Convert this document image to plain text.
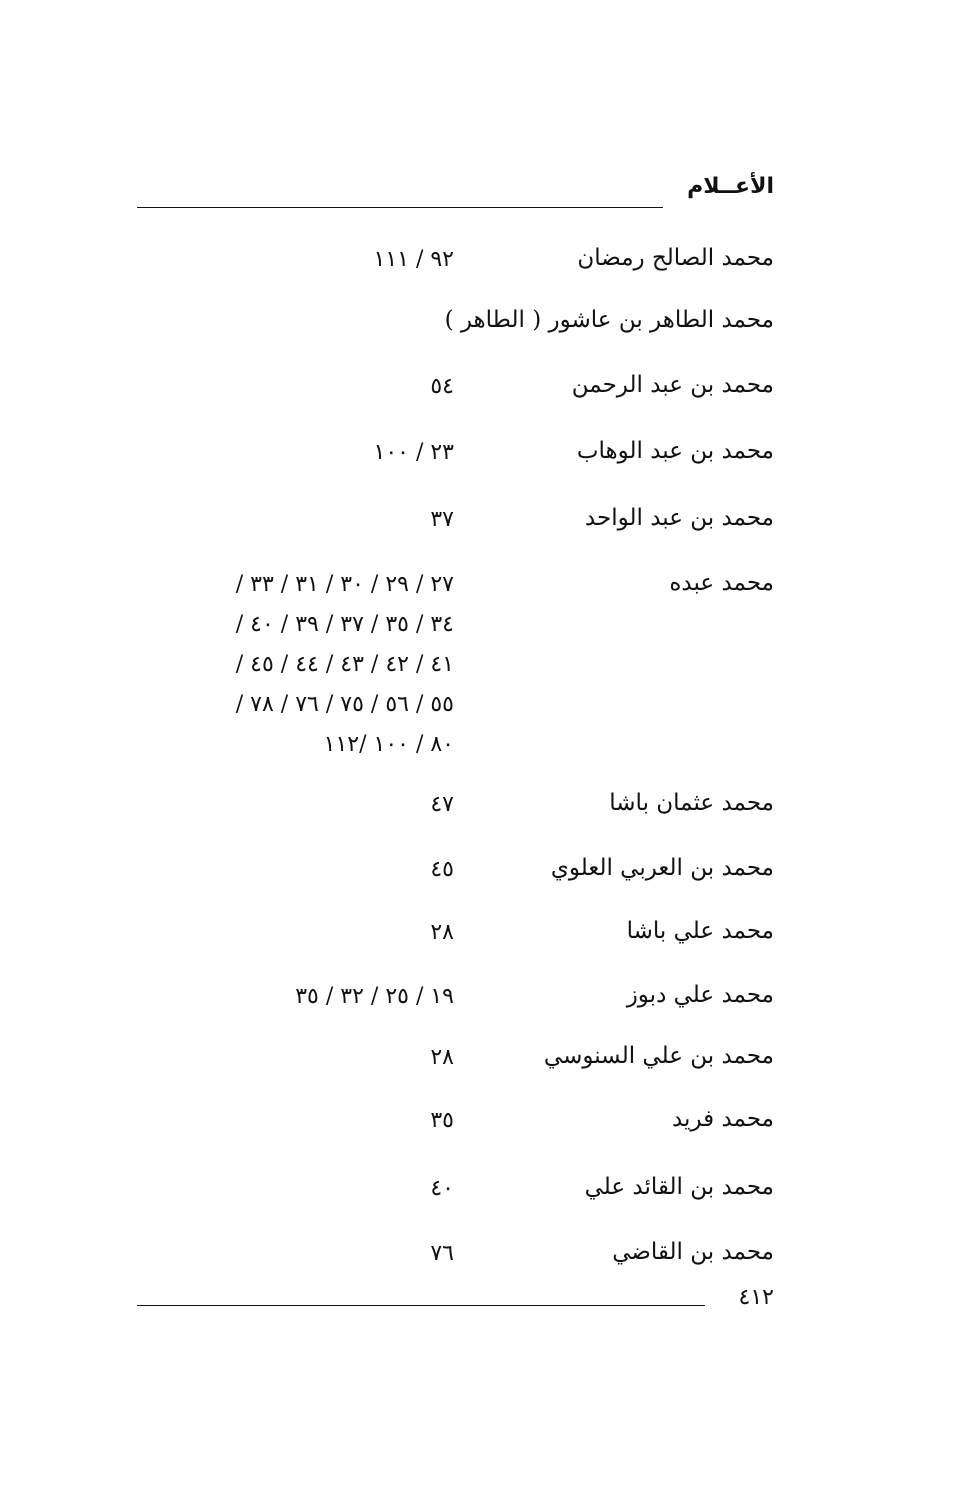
الأعــلام
محمد الصالح رمضان
٩٢ / ١١١
محمد الطاهر بن عاشور ( الطاهر )
محمد بن عبد الرحمن
٥٤
محمد بن عبد الوهاب
٢٣ / ١٠٠
محمد بن عبد الواحد
٣٧
محمد عبده
٢٧ / ٢٩ / ٣٠ / ٣١ / ٣٣ /
٣٤ / ٣٥ / ٣٧ / ٣٩ / ٤٠ /
٤١ / ٤٢ / ٤٣ / ٤٤ / ٤٥ /
٥٥ / ٥٦ / ٧٥ / ٧٦ / ٧٨ /
٨٠ / ١٠٠ /١١٢
محمد عثمان باشا
٤٧
محمد بن العربي العلوي
٤٥
محمد علي باشا
٢٨
محمد علي دبوز
١٩ / ٢٥ / ٣٢ / ٣٥
محمد بن علي السنوسي
٢٨
محمد فريد
٣٥
محمد بن القائد علي
٤٠
محمد بن القاضي
٧٦
٤١٢
